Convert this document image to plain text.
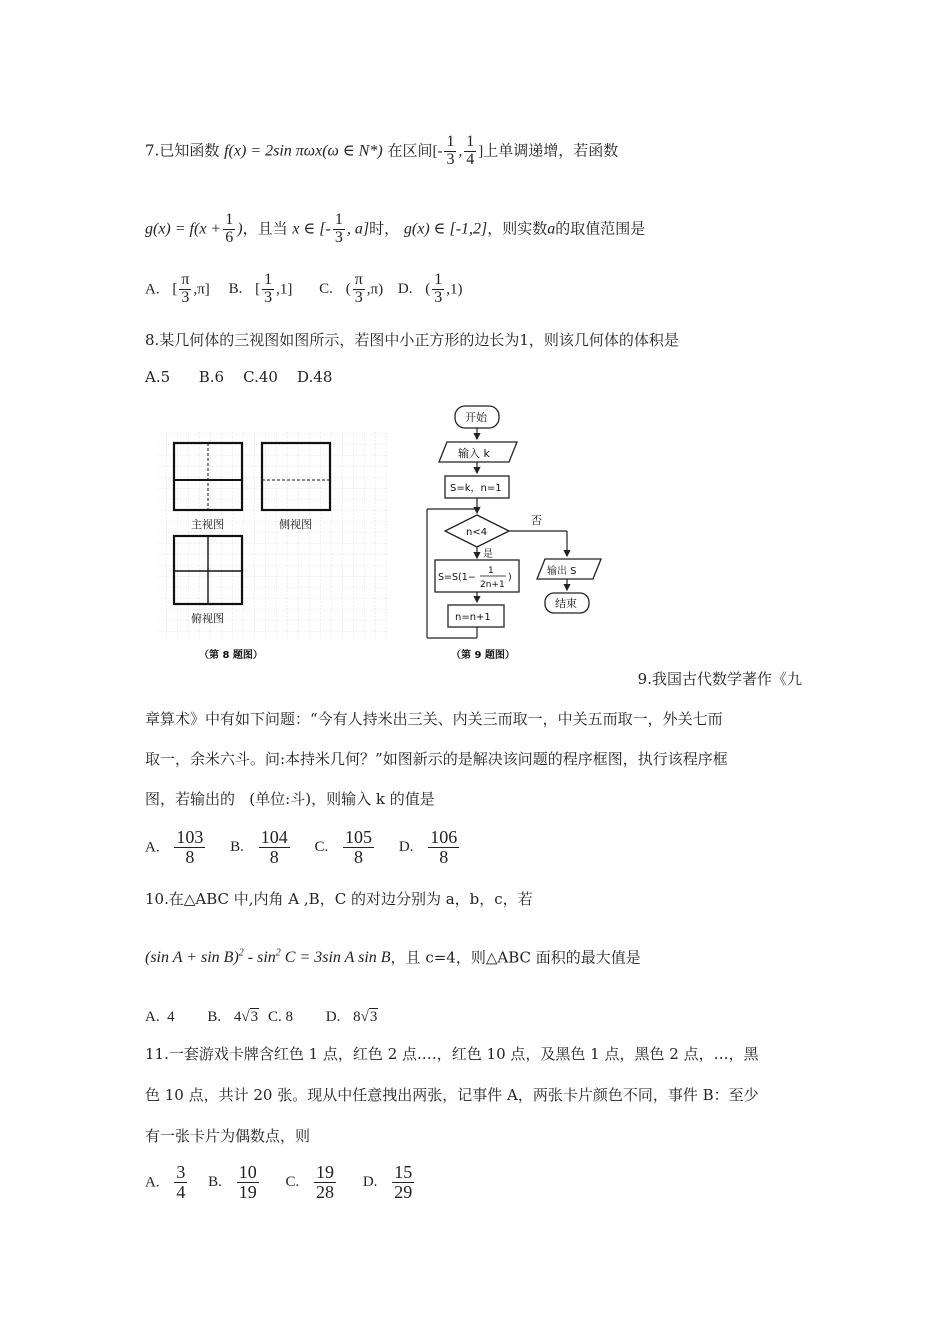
7.已知函数 f(x) = 2sin πωx(ω ∈ N*) 在区间[- $\frac{1}{3}$ , $\frac{1}{4}$ ]上单调递增，若函数
$g(x) = f(x + \frac{1}{6}$ )，且当 x ∈ [- $\frac{1}{3}$ , a]时， g(x) ∈ [-1,2]，则实数a的取值范围是
A. [ $\frac{\pi}{3} ,\pi$] B. [ $\frac{1}{3} ,1$] C. ( $\frac{\pi}{3} ,\pi$) D. ( $\frac{1}{3} ,1$)
8.某几何体的三视图如图所示，若图中小正方形的边长为1，则该几何体的体积是
A.5      B.6    C.40    D.48
主视图	侧视图
俯视图
（第 8 题图）
开始
输入 k
S=k，n=1
n<4
否
是
S=S(1−
1
2n+1
)
n=n+1
输出 S
结束
（第 9 题图）
9.我国古代数学著作《九
章算术》中有如下问题：“今有人持米出三关、内关三而取一，中关五而取一，外关七而
取一，余米六斗。问:本持米几何？”如图新示的是解决该问题的程序框图，执行该程序框
图，若输出的   (单位:斗)，则输入 k 的值是
A. $\frac{103}{8} B$. $\frac{104}{8} C$. $\frac{105}{8} D$. $\frac{106}{8}$
10.在△ABC 中,内角 A ,B，C 的对边分别为 a，b，c，若
(sin $A + \sin B)^2 - \sin^2 C = 3\sin$ A sin B，且 c=4，则△ABC 面积的最大值是
A.  4 B. 4√3 C. 8 D. 8√3
11.一套游戏卡牌含红色 1 点，红色 2 点.…，红色 10 点，及黑色 1 点，黑色 2 点，…，黑
色 10 点，共计 20 张。现从中任意拽出两张，记事件 A，两张卡片颜色不同，事件 B：至少
有一张卡片为偶数点，则
A. $\frac{3}{4} B$. $\frac{10}{19} C$. $\frac{19}{28} D$. $\frac{15}{29}$
